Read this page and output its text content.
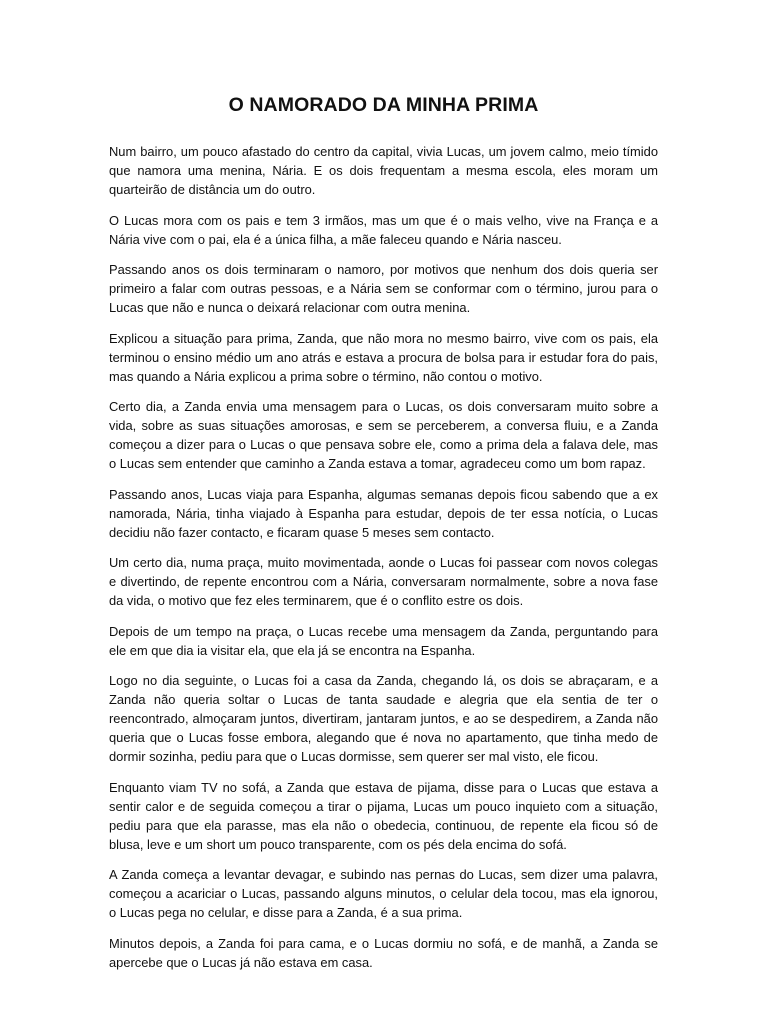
O NAMORADO DA MINHA PRIMA

Num bairro, um pouco afastado do centro da capital, vivia Lucas, um jovem calmo, meio tímido que namora uma menina, Nária. E os dois frequentam a mesma escola, eles moram um quarteirão de distância um do outro.

O Lucas mora com os pais e tem 3 irmãos, mas um que é o mais velho, vive na França e a Nária vive com o pai, ela é a única filha, a mãe faleceu quando e Nária nasceu.

Passando anos os dois terminaram o namoro, por motivos que nenhum dos dois queria ser primeiro a falar com outras pessoas, e a Nária sem se conformar com o término, jurou para o Lucas que não e nunca o deixará relacionar com outra menina.

Explicou a situação para prima, Zanda, que não mora no mesmo bairro, vive com os pais, ela terminou o ensino médio um ano atrás e estava a procura de bolsa para ir estudar fora do pais, mas quando a Nária explicou a prima sobre o término, não contou o motivo.

Certo dia, a Zanda envia uma mensagem para o Lucas, os dois conversaram muito sobre a vida, sobre as suas situações amorosas, e sem se perceberem, a conversa fluiu, e a Zanda começou a dizer para o Lucas o que pensava sobre ele, como a prima dela a falava dele, mas o Lucas sem entender que caminho a Zanda estava a tomar, agradeceu como um bom rapaz.

Passando anos, Lucas viaja para Espanha, algumas semanas depois ficou sabendo que a ex namorada, Nária, tinha viajado à Espanha para estudar, depois de ter essa notícia, o Lucas decidiu não fazer contacto, e ficaram quase 5 meses sem contacto.

Um certo dia, numa praça, muito movimentada, aonde o Lucas foi passear com novos colegas e divertindo, de repente encontrou com a Nária, conversaram normalmente, sobre a nova fase da vida, o motivo que fez eles terminarem, que é o conflito estre os dois.

Depois de um tempo na praça, o Lucas recebe uma mensagem da Zanda, perguntando para ele em que dia ia visitar ela, que ela já se encontra na Espanha.

Logo no dia seguinte, o Lucas foi a casa da Zanda, chegando lá, os dois se abraçaram, e a Zanda não queria soltar o Lucas de tanta saudade e alegria que ela sentia de ter o reencontrado, almoçaram juntos, divertiram, jantaram juntos, e ao se despedirem, a Zanda não queria que o Lucas fosse embora, alegando que é nova no apartamento, que tinha medo de dormir sozinha, pediu para que o Lucas dormisse, sem querer ser mal visto, ele ficou.

Enquanto viam TV no sofá, a Zanda que estava de pijama, disse para o Lucas que estava a sentir calor e de seguida começou a tirar o pijama, Lucas um pouco inquieto com a situação, pediu para que ela parasse, mas ela não o obedecia, continuou, de repente ela ficou só de blusa, leve e um short um pouco transparente, com os pés dela encima do sofá.

A Zanda começa a levantar devagar, e subindo nas pernas do Lucas, sem dizer uma palavra, começou a acariciar o Lucas, passando alguns minutos, o celular dela tocou, mas ela ignorou, o Lucas pega no celular, e disse para a Zanda, é a sua prima.

Minutos depois, a Zanda foi para cama, e o Lucas dormiu no sofá, e de manhã, a Zanda se apercebe que o Lucas já não estava em casa.
